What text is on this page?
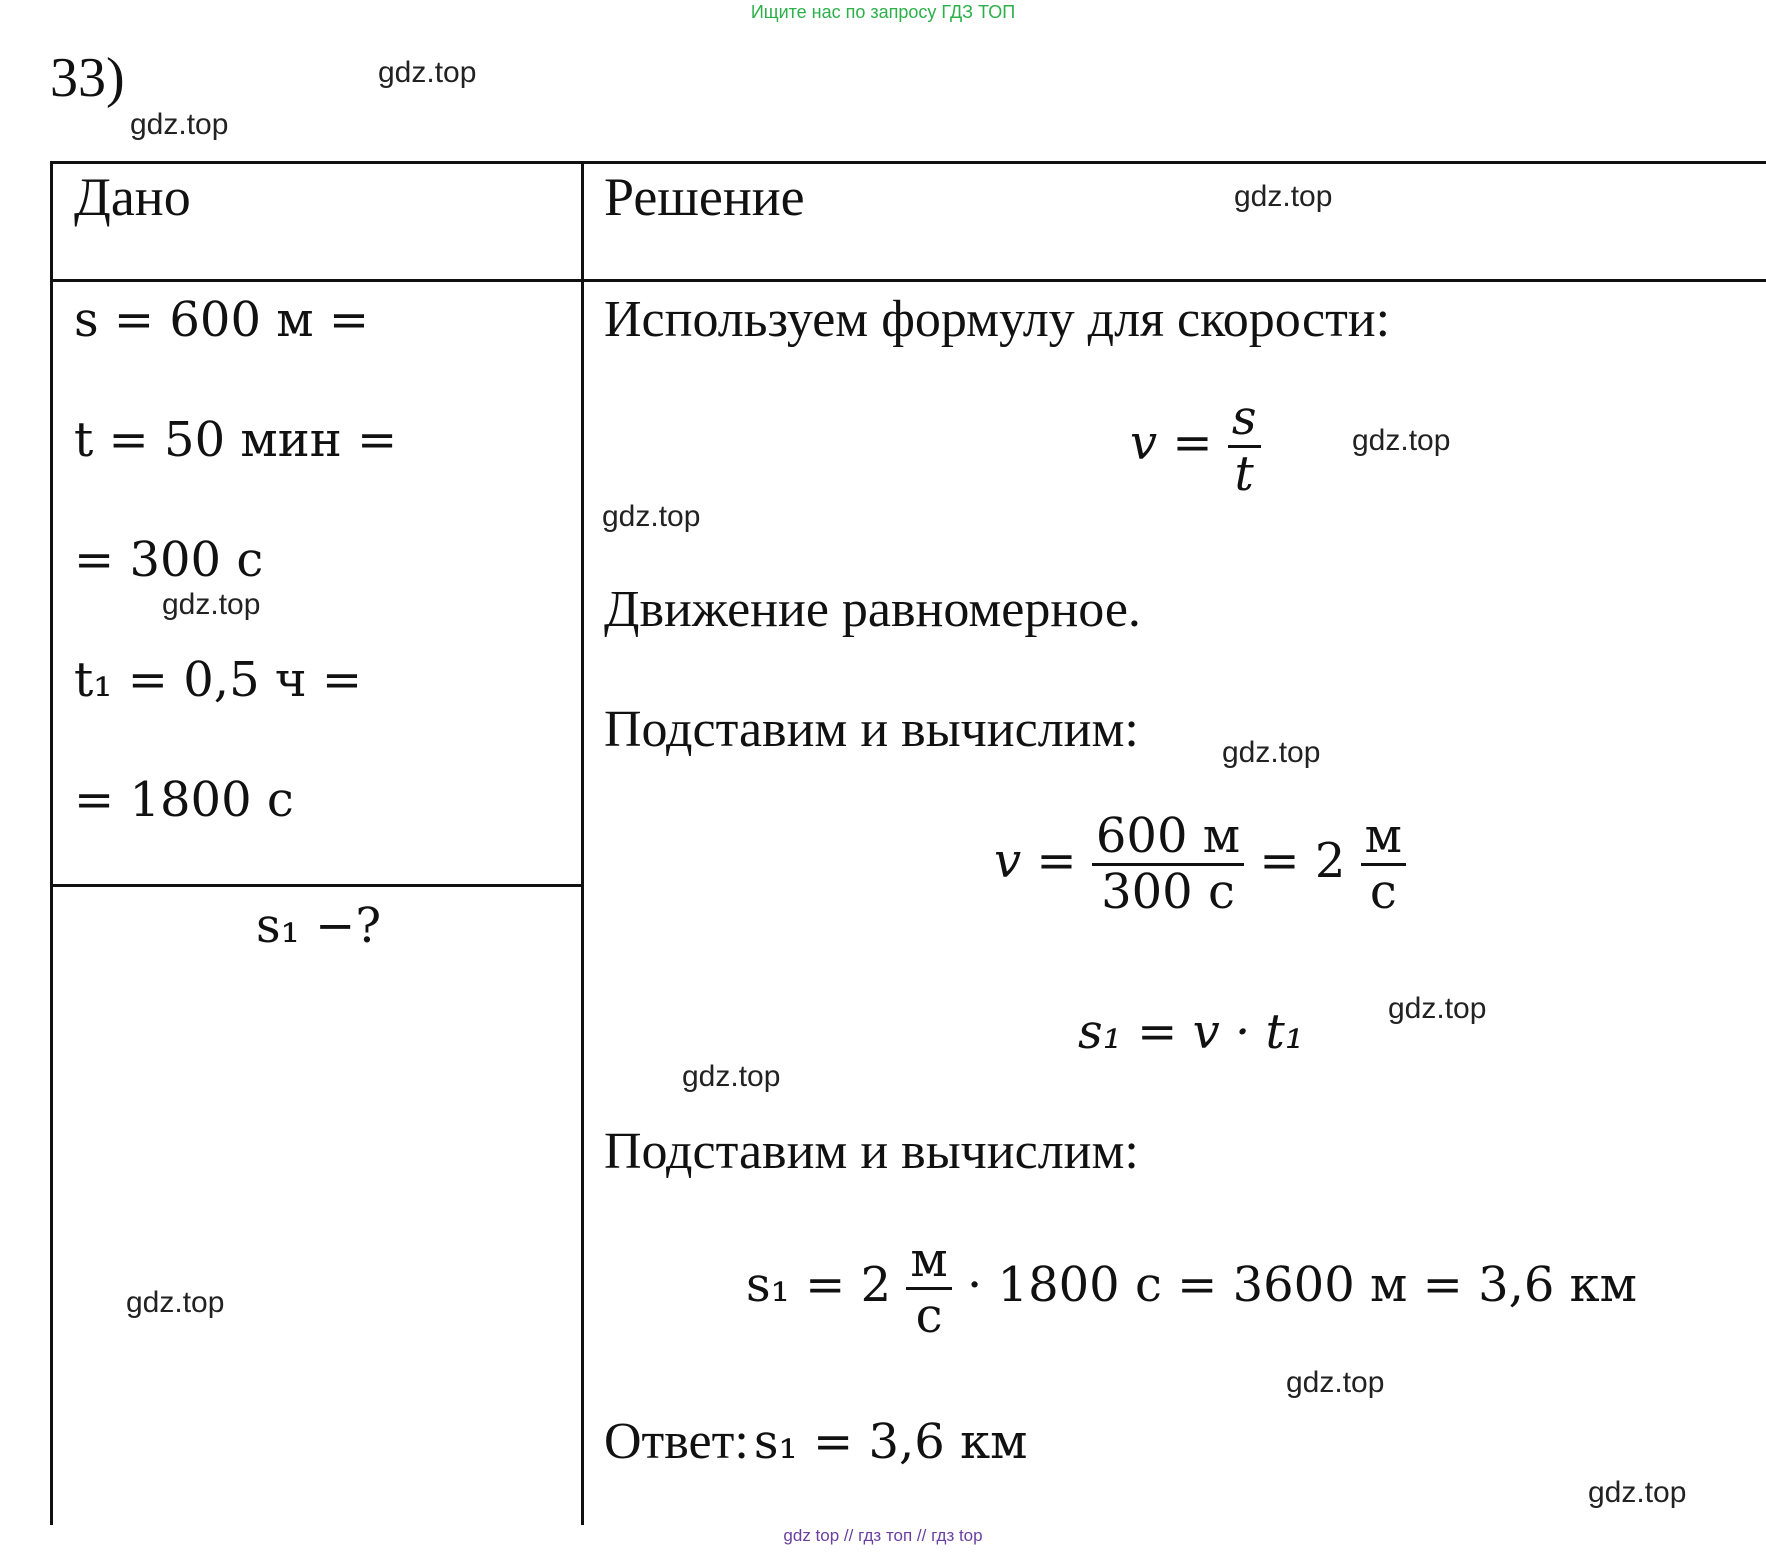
Ищите нас по запросу ГДЗ ТОП
gdz top // гдз топ // гдз top
33)	gdz.top
gdz.top
gdz.top
gdz.top
gdz.top
gdz.top
gdz.top
gdz.top
gdz.top
gdz.top
gdz.top
gdz.top
Дано	Решение
s = 600 м =
t = 50 мин =
= 300 с
t₁ = 0,5 ч =
= 1800 с
s₁ −?
Используем формулу для скорости:
$v = \frac{s}{t}$
Движение равномерное.
Подставим и вычислим:
$v = \frac{600 м}{300 с} = 2 \frac{м}{с}$
s₁ = v · t₁
Подставим и вычислим:
$s_1 = 2 \frac{м}{с} \cdot 1800$ с = 3600 м = 3,6 км
Ответ: s₁ = 3,6 км
